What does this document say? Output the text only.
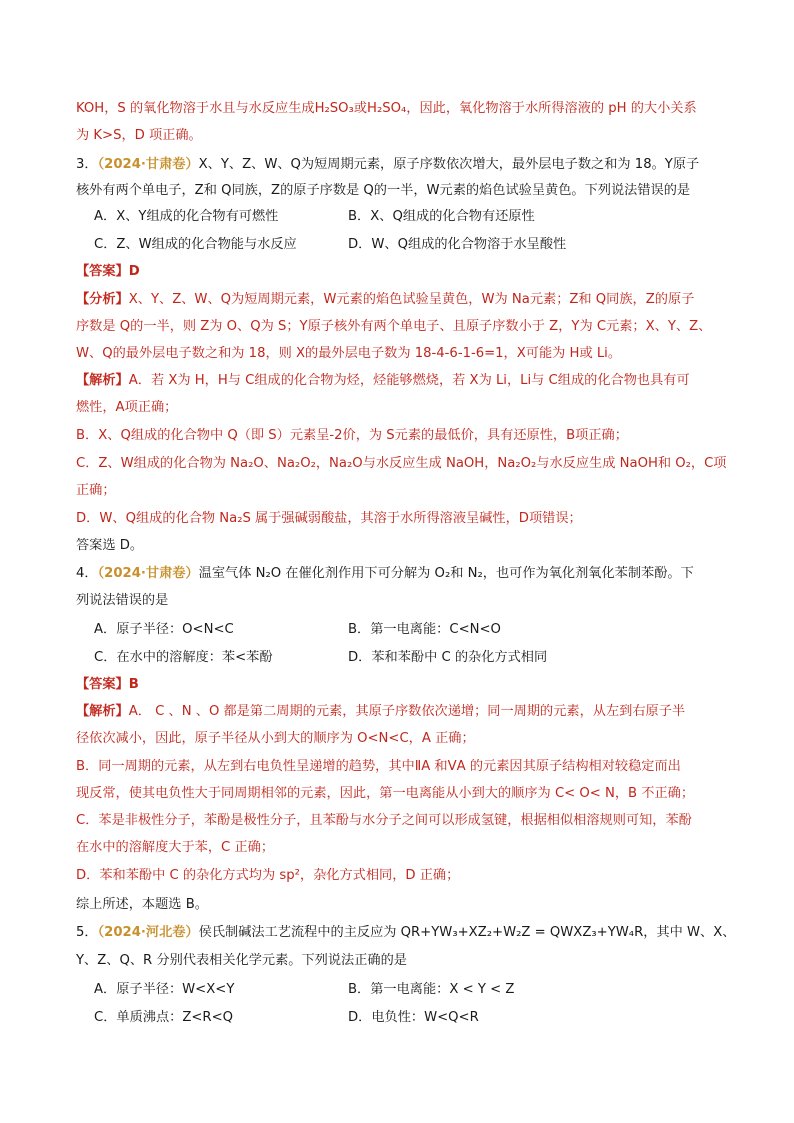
KOH，S 的氧化物溶于水且与水反应生成H₂SO₃或H₂SO₄，因此，氧化物溶于水所得溶液的 pH 的大小关系
为 K>S，D 项正确。
3．（2024·甘肃卷）X、Y、Z、W、Q为短周期元素，原子序数依次增大，最外层电子数之和为 18。Y原子
核外有两个单电子，Z和 Q同族，Z的原子序数是 Q的一半，W元素的焰色试验呈黄色。下列说法错误的是
A．X、Y组成的化合物有可燃性	B．X、Q组成的化合物有还原性
C．Z、W组成的化合物能与水反应	D．W、Q组成的化合物溶于水呈酸性
【答案】D
【分析】X、Y、Z、W、Q为短周期元素，W元素的焰色试验呈黄色，W为 Na元素；Z和 Q同族，Z的原子
序数是 Q的一半，则 Z为 O、Q为 S；Y原子核外有两个单电子、且原子序数小于 Z，Y为 C元素；X、Y、Z、
W、Q的最外层电子数之和为 18，则 X的最外层电子数为 18-4-6-1-6=1，X可能为 H或 Li。
【解析】A．若 X为 H，H与 C组成的化合物为烃，烃能够燃烧，若 X为 Li，Li与 C组成的化合物也具有可
燃性，A项正确；
B．X、Q组成的化合物中 Q（即 S）元素呈-2价，为 S元素的最低价，具有还原性，B项正确；
C．Z、W组成的化合物为 Na₂O、Na₂O₂，Na₂O与水反应生成 NaOH，Na₂O₂与水反应生成 NaOH和 O₂，C项
正确；
D．W、Q组成的化合物 Na₂S 属于强碱弱酸盐，其溶于水所得溶液呈碱性，D项错误；
答案选 D。
4．（2024·甘肃卷）温室气体 N₂O 在催化剂作用下可分解为 O₂和 N₂，也可作为氧化剂氧化苯制苯酚。下
列说法错误的是
A．原子半径：O<N<C	B．第一电离能：C<N<O
C．在水中的溶解度：苯<苯酚	D．苯和苯酚中 C 的杂化方式相同
【答案】B
【解析】A． C 、N 、O 都是第二周期的元素，其原子序数依次递增；同一周期的元素，从左到右原子半
径依次减小，因此，原子半径从小到大的顺序为 O<N<C，A 正确；
B．同一周期的元素，从左到右电负性呈递增的趋势，其中ⅡA 和ⅤA 的元素因其原子结构相对较稳定而出
现反常，使其电负性大于同周期相邻的元素，因此，第一电离能从小到大的顺序为 C< O< N，B 不正确；
C．苯是非极性分子，苯酚是极性分子，且苯酚与水分子之间可以形成氢键，根据相似相溶规则可知，苯酚
在水中的溶解度大于苯，C 正确；
D．苯和苯酚中 C 的杂化方式均为 sp²，杂化方式相同，D 正确；
综上所述，本题选 B。
5．（2024·河北卷）侯氏制碱法工艺流程中的主反应为 QR+YW₃+XZ₂+W₂Z = QWXZ₃+YW₄R，其中 W、X、
Y、Z、Q、R 分别代表相关化学元素。下列说法正确的是
A．原子半径：W<X<Y	B．第一电离能：X < Y < Z
C．单质沸点：Z<R<Q	D．电负性：W<Q<R
